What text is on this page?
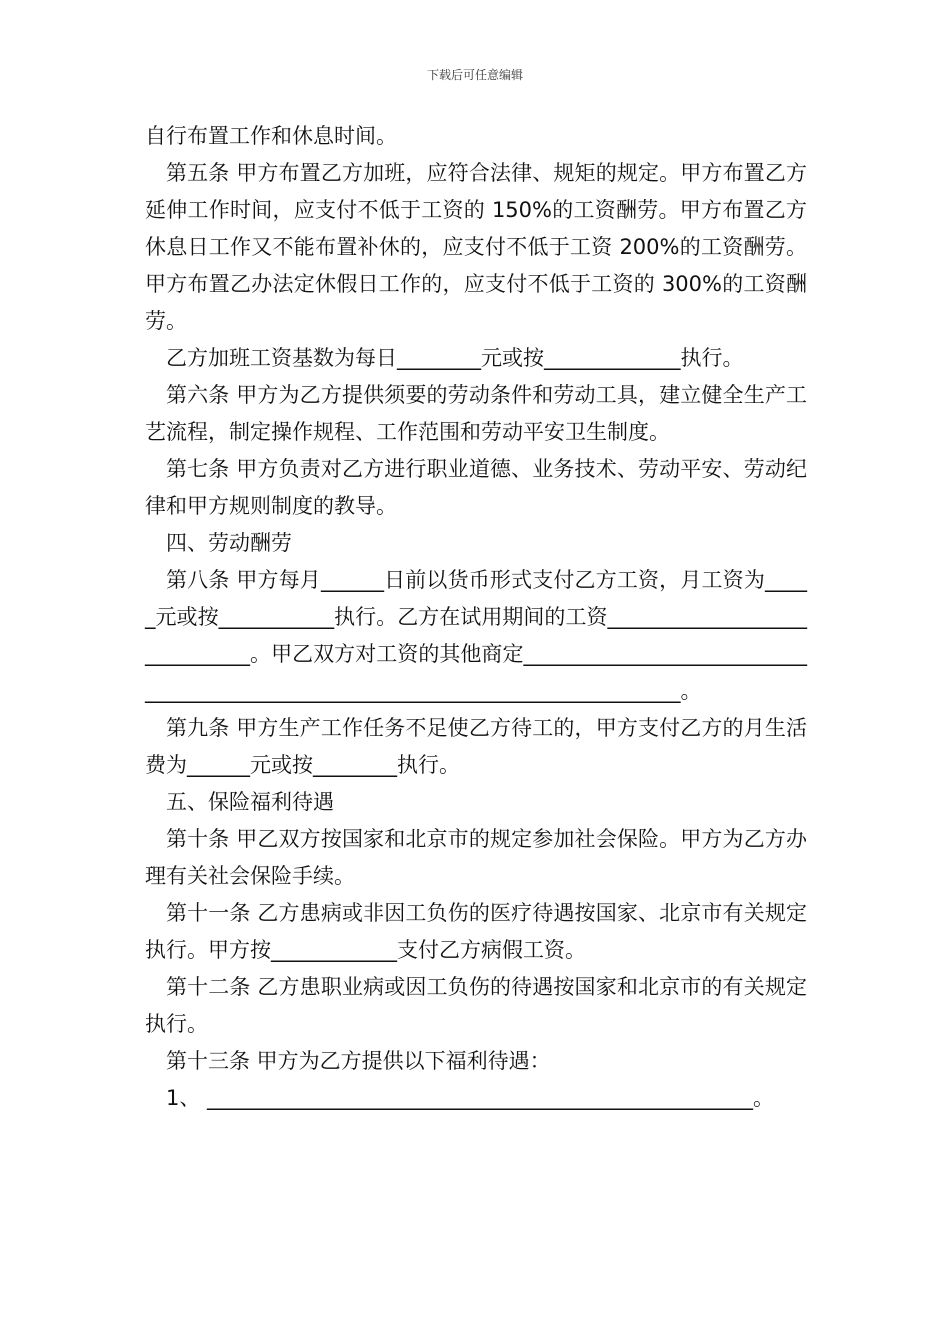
下载后可任意编辑

自行布置工作和休息时间。

第五条 甲方布置乙方加班，应符合法律、规矩的规定。甲方布置乙方延伸工作时间，应支付不低于工资的 150%的工资酬劳。甲方布置乙方休息日工作又不能布置补休的，应支付不低于工资 200%的工资酬劳。甲方布置乙办法定休假日工作的，应支付不低于工资的 300%的工资酬劳。

乙方加班工资基数为每日________元或按_____________执行。

第六条 甲方为乙方提供须要的劳动条件和劳动工具，建立健全生产工艺流程，制定操作规程、工作范围和劳动平安卫生制度。

第七条 甲方负责对乙方进行职业道德、业务技术、劳动平安、劳动纪律和甲方规则制度的教导。

四、劳动酬劳

第八条 甲方每月______日前以货币形式支付乙方工资，月工资为_____元或按___________执行。乙方在试用期间的工资_____________________________。甲乙双方对工资的其他商定______________________________________________________________________________。

第九条 甲方生产工作任务不足使乙方待工的，甲方支付乙方的月生活费为______元或按________执行。

五、保险福利待遇

第十条 甲乙双方按国家和北京市的规定参加社会保险。甲方为乙方办理有关社会保险手续。

第十一条 乙方患病或非因工负伤的医疗待遇按国家、北京市有关规定执行。甲方按____________支付乙方病假工资。

第十二条 乙方患职业病或因工负伤的待遇按国家和北京市的有关规定执行。

第十三条 甲方为乙方提供以下福利待遇：

1、 ____________________________________________________。
